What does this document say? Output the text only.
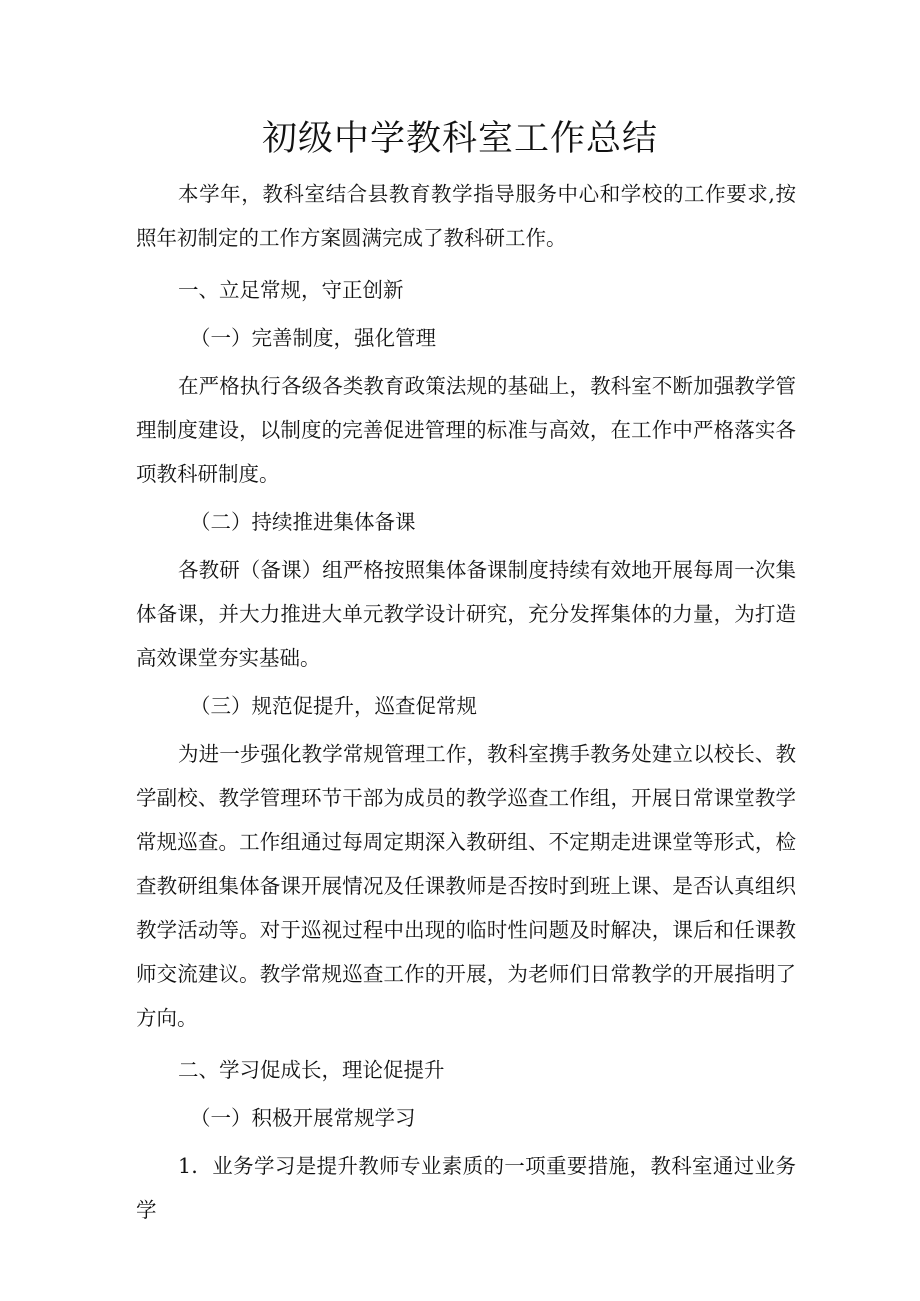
初级中学教科室工作总结

本学年，教科室结合县教育教学指导服务中心和学校的工作要求,按照年初制定的工作方案圆满完成了教科研工作。

一、立足常规，守正创新

（一）完善制度，强化管理

在严格执行各级各类教育政策法规的基础上，教科室不断加强教学管理制度建设，以制度的完善促进管理的标准与高效，在工作中严格落实各项教科研制度。

（二）持续推进集体备课

各教研（备课）组严格按照集体备课制度持续有效地开展每周一次集体备课，并大力推进大单元教学设计研究，充分发挥集体的力量，为打造高效课堂夯实基础。

（三）规范促提升，巡查促常规

为进一步强化教学常规管理工作，教科室携手教务处建立以校长、教学副校、教学管理环节干部为成员的教学巡查工作组，开展日常课堂教学常规巡查。工作组通过每周定期深入教研组、不定期走进课堂等形式，检查教研组集体备课开展情况及任课教师是否按时到班上课、是否认真组织教学活动等。对于巡视过程中出现的临时性问题及时解决，课后和任课教师交流建议。教学常规巡查工作的开展，为老师们日常教学的开展指明了方向。

二、学习促成长，理论促提升

（一）积极开展常规学习

1．业务学习是提升教师专业素质的一项重要措施，教科室通过业务学
